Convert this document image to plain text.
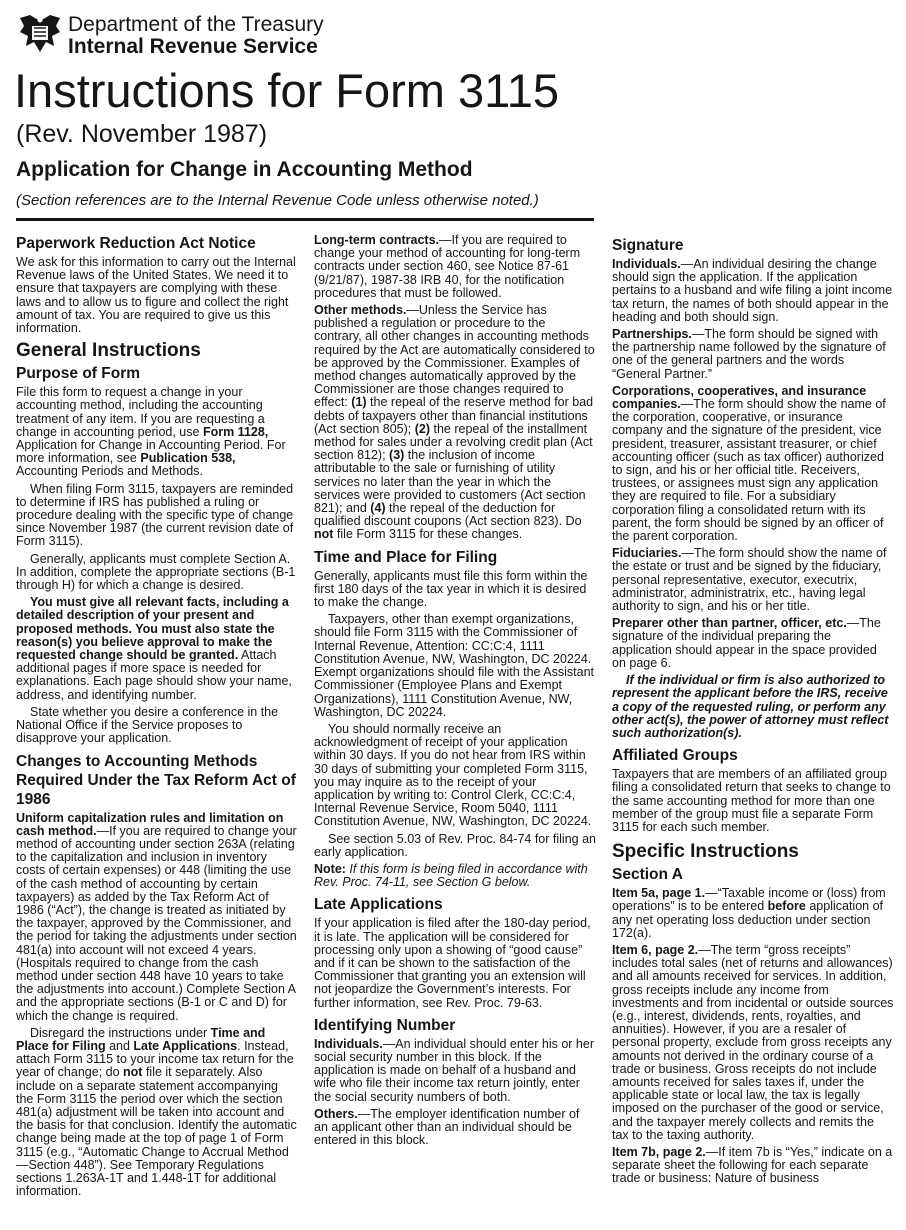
Department of the Treasury
Internal Revenue Service
Instructions for Form 3115
(Rev. November 1987)
Application for Change in Accounting Method
(Section references are to the Internal Revenue Code unless otherwise noted.)
Paperwork Reduction Act Notice

We ask for this information to carry out the Internal Revenue laws of the United States. We need it to ensure that taxpayers are complying with these laws and to allow us to figure and collect the right amount of tax. You are required to give us this information.

General Instructions
Purpose of Form

File this form to request a change in your accounting method, including the accounting treatment of any item. If you are requesting a change in accounting period, use Form 1128, Application for Change in Accounting Period. For more information, see Publication 538, Accounting Periods and Methods.

When filing Form 3115, taxpayers are reminded to determine if IRS has published a ruling or procedure dealing with the specific type of change since November 1987 (the current revision date of Form 3115).

Generally, applicants must complete Section A. In addition, complete the appropriate sections (B-1 through H) for which a change is desired.

You must give all relevant facts, including a detailed description of your present and proposed methods. You must also state the reason(s) you believe approval to make the requested change should be granted. Attach additional pages if more space is needed for explanations. Each page should show your name, address, and identifying number.

State whether you desire a conference in the National Office if the Service proposes to disapprove your application.

Changes to Accounting Methods Required Under the Tax Reform Act of 1986

Uniform capitalization rules and limitation on cash method.—If you are required to change your method of accounting under section 263A (relating to the capitalization and inclusion in inventory costs of certain expenses) or 448 (limiting the use of the cash method of accounting by certain taxpayers) as added by the Tax Reform Act of 1986 (“Act”), the change is treated as initiated by the taxpayer, approved by the Commissioner, and the period for taking the adjustments under section 481(a) into account will not exceed 4 years. (Hospitals required to change from the cash method under section 448 have 10 years to take the adjustments into account.) Complete Section A and the appropriate sections (B-1 or C and D) for which the change is required.

Disregard the instructions under Time and Place for Filing and Late Applications. Instead, attach Form 3115 to your income tax return for the year of change; do not file it separately. Also include on a separate statement accompanying the Form 3115 the period over which the section 481(a) adjustment will be taken into account and the basis for that conclusion. Identify the automatic change being made at the top of page 1 of Form 3115 (e.g., “Automatic Change to Accrual Method—Section 448”). See Temporary Regulations sections 1.263A-1T and 1.448-1T for additional information.

Long-term contracts.—If you are required to change your method of accounting for long-term contracts under section 460, see Notice 87-61 (9/21/87), 1987-38 IRB 40, for the notification procedures that must be followed.

Other methods.—Unless the Service has published a regulation or procedure to the contrary, all other changes in accounting methods required by the Act are automatically considered to be approved by the Commissioner. Examples of method changes automatically approved by the Commissioner are those changes required to effect: (1) the repeal of the reserve method for bad debts of taxpayers other than financial institutions (Act section 805); (2) the repeal of the installment method for sales under a revolving credit plan (Act section 812); (3) the inclusion of income attributable to the sale or furnishing of utility services no later than the year in which the services were provided to customers (Act section 821); and (4) the repeal of the deduction for qualified discount coupons (Act section 823). Do not file Form 3115 for these changes.

Time and Place for Filing

Generally, applicants must file this form within the first 180 days of the tax year in which it is desired to make the change.

Taxpayers, other than exempt organizations, should file Form 3115 with the Commissioner of Internal Revenue, Attention: CC:C:4, 1111 Constitution Avenue, NW, Washington, DC 20224. Exempt organizations should file with the Assistant Commissioner (Employee Plans and Exempt Organizations), 1111 Constitution Avenue, NW, Washington, DC 20224.

You should normally receive an acknowledgment of receipt of your application within 30 days. If you do not hear from IRS within 30 days of submitting your completed Form 3115, you may inquire as to the receipt of your application by writing to: Control Clerk, CC:C:4, Internal Revenue Service, Room 5040, 1111 Constitution Avenue, NW, Washington, DC 20224.

See section 5.03 of Rev. Proc. 84-74 for filing an early application.

Note: If this form is being filed in accordance with Rev. Proc. 74-11, see Section G below.

Late Applications

If your application is filed after the 180-day period, it is late. The application will be considered for processing only upon a showing of “good cause” and if it can be shown to the satisfaction of the Commissioner that granting you an extension will not jeopardize the Government’s interests. For further information, see Rev. Proc. 79-63.

Identifying Number

Individuals.—An individual should enter his or her social security number in this block. If the application is made on behalf of a husband and wife who file their income tax return jointly, enter the social security numbers of both.

Others.—The employer identification number of an applicant other than an individual should be entered in this block.

Signature

Individuals.—An individual desiring the change should sign the application. If the application pertains to a husband and wife filing a joint income tax return, the names of both should appear in the heading and both should sign.

Partnerships.—The form should be signed with the partnership name followed by the signature of one of the general partners and the words “General Partner.”

Corporations, cooperatives, and insurance companies.—The form should show the name of the corporation, cooperative, or insurance company and the signature of the president, vice president, treasurer, assistant treasurer, or chief accounting officer (such as tax officer) authorized to sign, and his or her official title. Receivers, trustees, or assignees must sign any application they are required to file. For a subsidiary corporation filing a consolidated return with its parent, the form should be signed by an officer of the parent corporation.

Fiduciaries.—The form should show the name of the estate or trust and be signed by the fiduciary, personal representative, executor, executrix, administrator, administratrix, etc., having legal authority to sign, and his or her title.

Preparer other than partner, officer, etc.—The signature of the individual preparing the application should appear in the space provided on page 6.

If the individual or firm is also authorized to represent the applicant before the IRS, receive a copy of the requested ruling, or perform any other act(s), the power of attorney must reflect such authorization(s).

Affiliated Groups

Taxpayers that are members of an affiliated group filing a consolidated return that seeks to change to the same accounting method for more than one member of the group must file a separate Form 3115 for each such member.

Specific Instructions
Section A

Item 5a, page 1.—“Taxable income or (loss) from operations” is to be entered before application of any net operating loss deduction under section 172(a).

Item 6, page 2.—The term “gross receipts” includes total sales (net of returns and allowances) and all amounts received for services. In addition, gross receipts include any income from investments and from incidental or outside sources (e.g., interest, dividends, rents, royalties, and annuities). However, if you are a resaler of personal property, exclude from gross receipts any amounts not derived in the ordinary course of a trade or business. Gross receipts do not include amounts received for sales taxes if, under the applicable state or local law, the tax is legally imposed on the purchaser of the good or service, and the taxpayer merely collects and remits the tax to the taxing authority.

Item 7b, page 2.—If item 7b is “Yes,” indicate on a separate sheet the following for each separate trade or business: Nature of business
